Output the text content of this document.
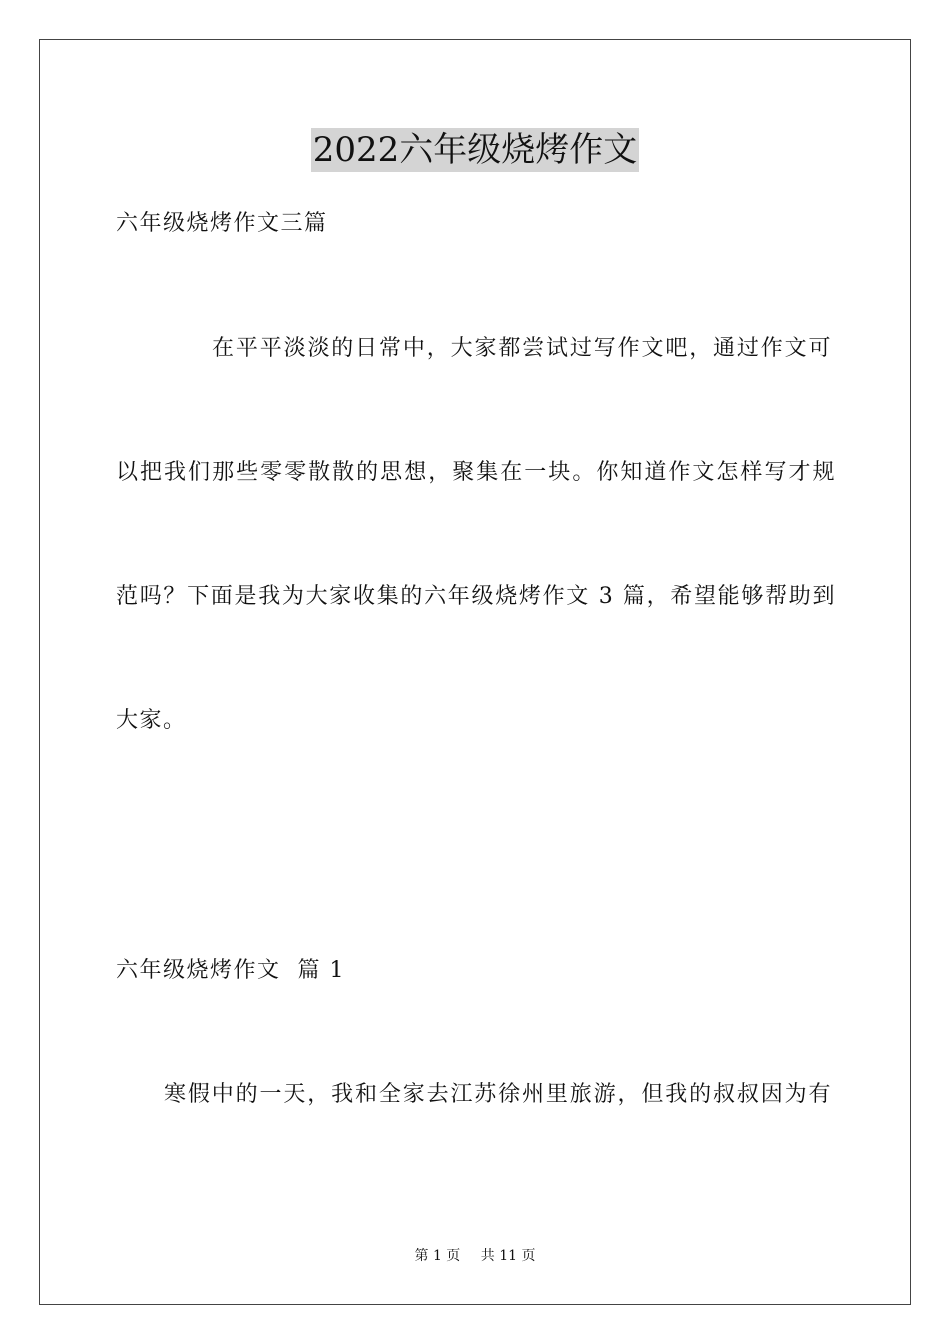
2022六年级烧烤作文
六年级烧烤作文三篇
在平平淡淡的日常中，大家都尝试过写作文吧，通过作文可
以把我们那些零零散散的思想，聚集在一块。你知道作文怎样写才规
范吗？下面是我为大家收集的六年级烧烤作文 3 篇，希望能够帮助到
大家。
六年级烧烤作文  篇 1
寒假中的一天，我和全家去江苏徐州里旅游，但我的叔叔因为有
第 1 页 共 11 页
